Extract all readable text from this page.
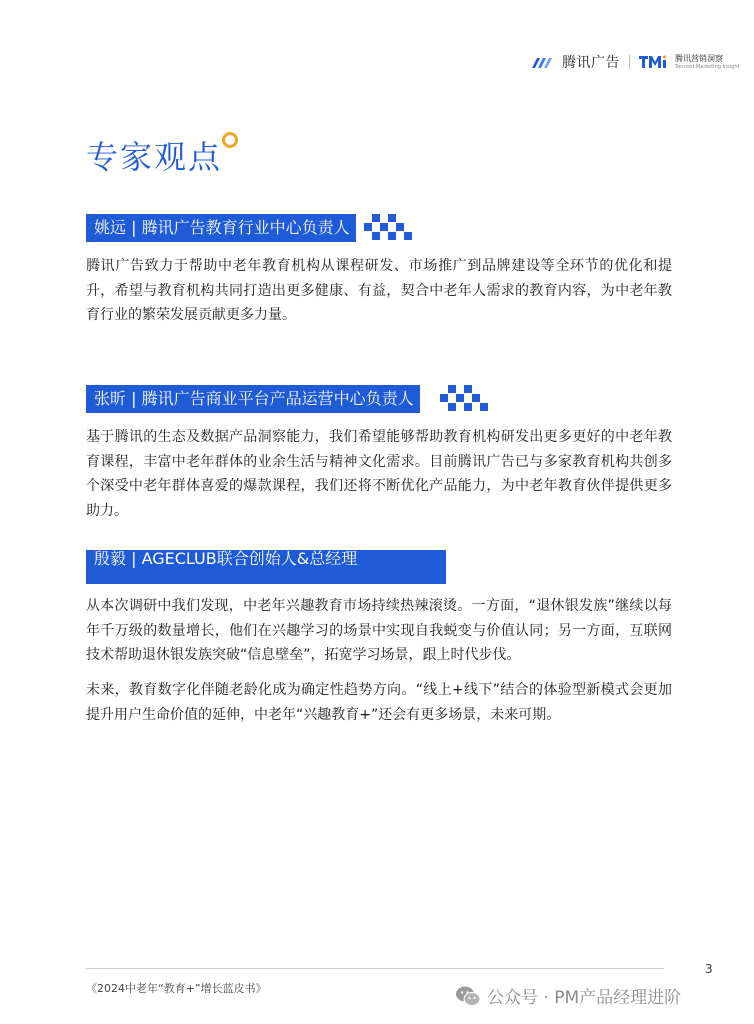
腾讯广告	腾讯营销洞察
Tencent Marketing Insight
专家观点
姚远 | 腾讯广告教育行业中心负责人

腾讯广告致力于帮助中老年教育机构从课程研发、市场推广到品牌建设等全环节的优化和提升，希望与教育机构共同打造出更多健康、有益，契合中老年人需求的教育内容，为中老年教育行业的繁荣发展贡献更多力量。

张昕 | 腾讯广告商业平台产品运营中心负责人

基于腾讯的生态及数据产品洞察能力，我们希望能够帮助教育机构研发出更多更好的中老年教育课程，丰富中老年群体的业余生活与精神文化需求。目前腾讯广告已与多家教育机构共创多个深受中老年群体喜爱的爆款课程，我们还将不断优化产品能力，为中老年教育伙伴提供更多助力。

殷毅 | AGECLUB联合创始人&总经理

从本次调研中我们发现，中老年兴趣教育市场持续热辣滚烫。一方面，“退休银发族”继续以每年千万级的数量增长，他们在兴趣学习的场景中实现自我蜕变与价值认同；另一方面，互联网技术帮助退休银发族突破“信息壁垒”，拓宽学习场景，跟上时代步伐。

未来，教育数字化伴随老龄化成为确定性趋势方向。“线上+线下”结合的体验型新模式会更加提升用户生命价值的延伸，中老年“兴趣教育+”还会有更多场景，未来可期。

3
《2024中老年“教育+”增长蓝皮书》	公众号 · PM产品经理进阶
